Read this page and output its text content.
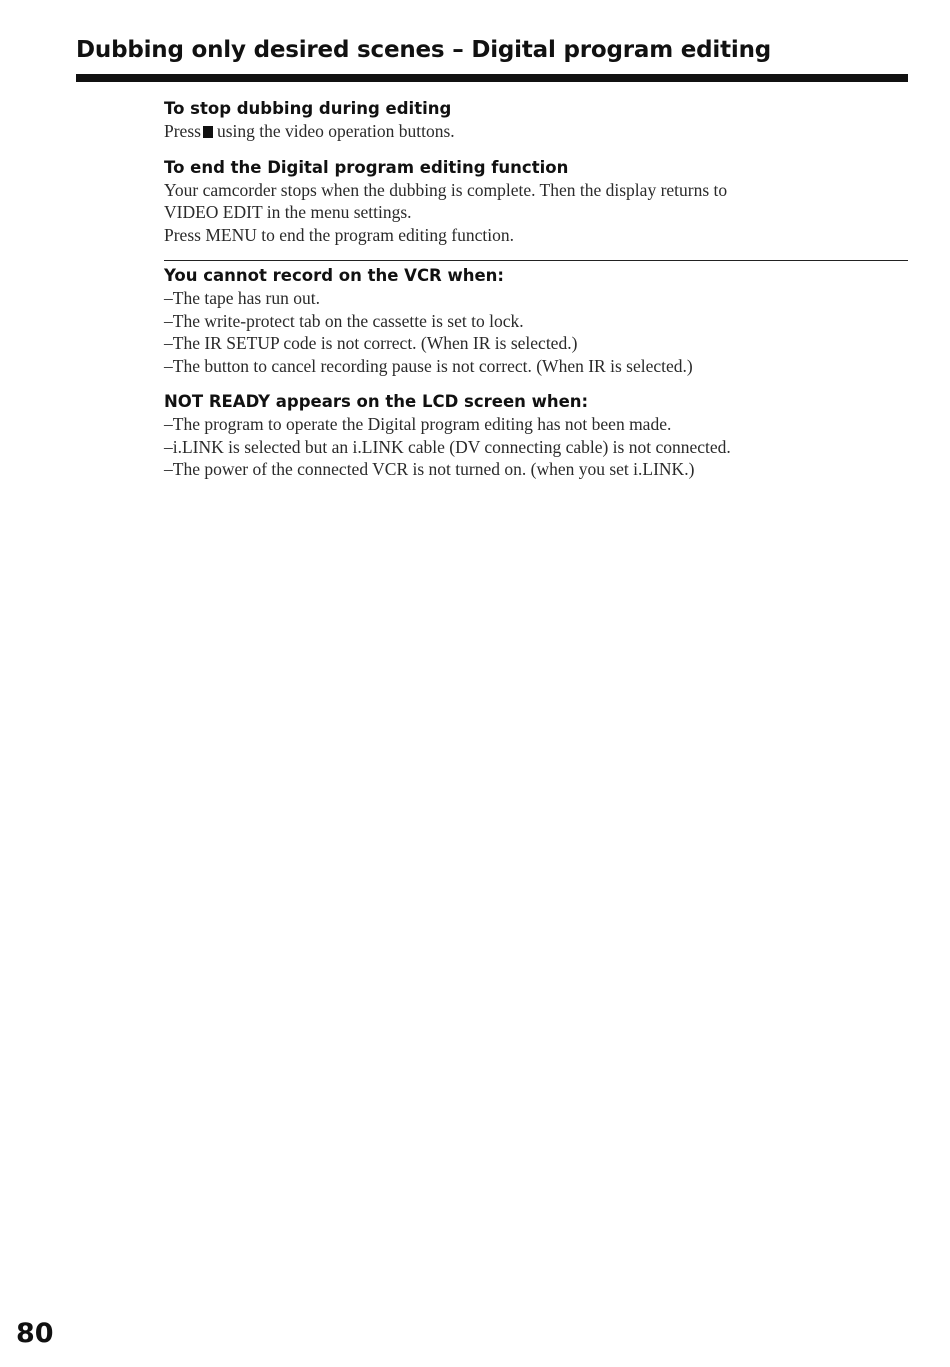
Dubbing only desired scenes – Digital program editing

To stop dubbing during editing

Press using the video operation buttons.

To end the Digital program editing function

Your camcorder stops when the dubbing is complete. Then the display returns to

VIDEO EDIT in the menu settings.

Press MENU to end the program editing function.

You cannot record on the VCR when:

–The tape has run out.

–The write-protect tab on the cassette is set to lock.

–The IR SETUP code is not correct. (When IR is selected.)

–The button to cancel recording pause is not correct. (When IR is selected.)

NOT READY appears on the LCD screen when:

–The program to operate the Digital program editing has not been made.

–i.LINK is selected but an i.LINK cable (DV connecting cable) is not connected.

–The power of the connected VCR is not turned on. (when you set i.LINK.)

80
